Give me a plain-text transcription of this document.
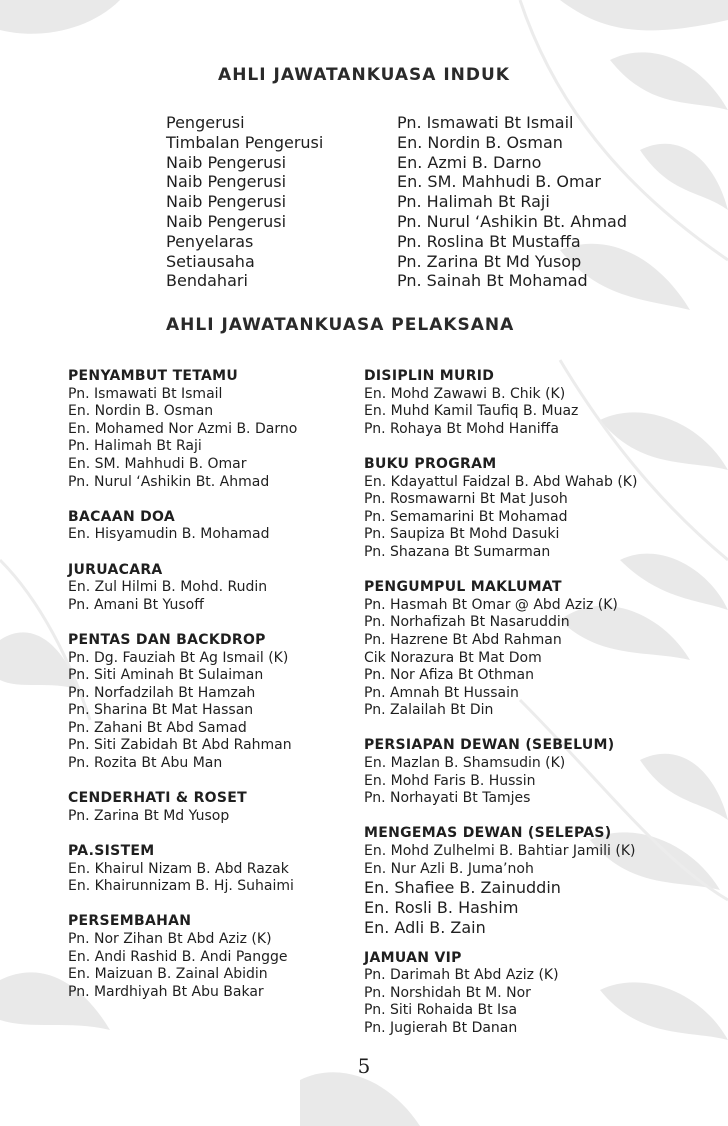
AHLI JAWATANKUASA INDUK
Pengerusi	Pn. Ismawati Bt Ismail
Timbalan Pengerusi	En. Nordin B. Osman
Naib Pengerusi	En. Azmi B. Darno
Naib Pengerusi	En. SM. Mahhudi B. Omar
Naib Pengerusi	Pn. Halimah Bt Raji
Naib Pengerusi	Pn. Nurul ‘Ashikin Bt. Ahmad
Penyelaras	Pn. Roslina Bt Mustaffa
Setiausaha	Pn. Zarina Bt Md Yusop
Bendahari	Pn. Sainah Bt Mohamad
AHLI JAWATANKUASA PELAKSANA
PENYAMBUT TETAMU
Pn. Ismawati Bt Ismail
En. Nordin B. Osman
En. Mohamed Nor Azmi B. Darno
Pn. Halimah Bt Raji
En. SM. Mahhudi B. Omar
Pn. Nurul ‘Ashikin Bt. Ahmad
BACAAN DOA
En. Hisyamudin B. Mohamad
JURUACARA
En. Zul Hilmi B. Mohd. Rudin
Pn. Amani Bt Yusoff
PENTAS DAN BACKDROP
Pn. Dg. Fauziah Bt Ag Ismail (K)
Pn. Siti Aminah Bt Sulaiman
Pn. Norfadzilah Bt Hamzah
Pn. Sharina Bt Mat Hassan
Pn. Zahani Bt Abd Samad
Pn. Siti Zabidah Bt Abd Rahman
Pn. Rozita Bt Abu Man
CENDERHATI & ROSET
Pn. Zarina Bt Md Yusop
PA.SISTEM
En. Khairul Nizam B. Abd Razak
En. Khairunnizam B. Hj. Suhaimi
PERSEMBAHAN
Pn. Nor Zihan Bt Abd Aziz (K)
En. Andi Rashid B. Andi Pangge
En. Maizuan B. Zainal Abidin
Pn. Mardhiyah Bt Abu Bakar
DISIPLIN MURID
En. Mohd Zawawi B. Chik (K)
En. Muhd Kamil Taufiq B. Muaz
Pn. Rohaya Bt Mohd Haniffa
BUKU PROGRAM
En. Kdayattul Faidzal B. Abd Wahab (K)
Pn. Rosmawarni Bt Mat Jusoh
Pn. Semamarini Bt Mohamad
Pn. Saupiza Bt Mohd Dasuki
Pn. Shazana Bt Sumarman
PENGUMPUL MAKLUMAT
Pn. Hasmah Bt Omar @ Abd Aziz (K)
Pn. Norhafizah Bt Nasaruddin
Pn. Hazrene Bt Abd Rahman
Cik Norazura Bt Mat Dom
Pn. Nor Afiza Bt Othman
Pn. Amnah Bt Hussain
Pn. Zalailah Bt Din
PERSIAPAN DEWAN (SEBELUM)
En. Mazlan B. Shamsudin (K)
En. Mohd Faris B. Hussin
Pn. Norhayati Bt Tamjes
MENGEMAS DEWAN (SELEPAS)
En. Mohd Zulhelmi B. Bahtiar Jamili (K)
En. Nur Azli B. Juma’noh
En. Shafiee B. Zainuddin
En. Rosli B. Hashim
En. Adli B. Zain
JAMUAN VIP
Pn. Darimah Bt Abd Aziz (K)
Pn. Norshidah Bt M. Nor
Pn. Siti Rohaida Bt Isa
Pn. Jugierah Bt Danan
5
